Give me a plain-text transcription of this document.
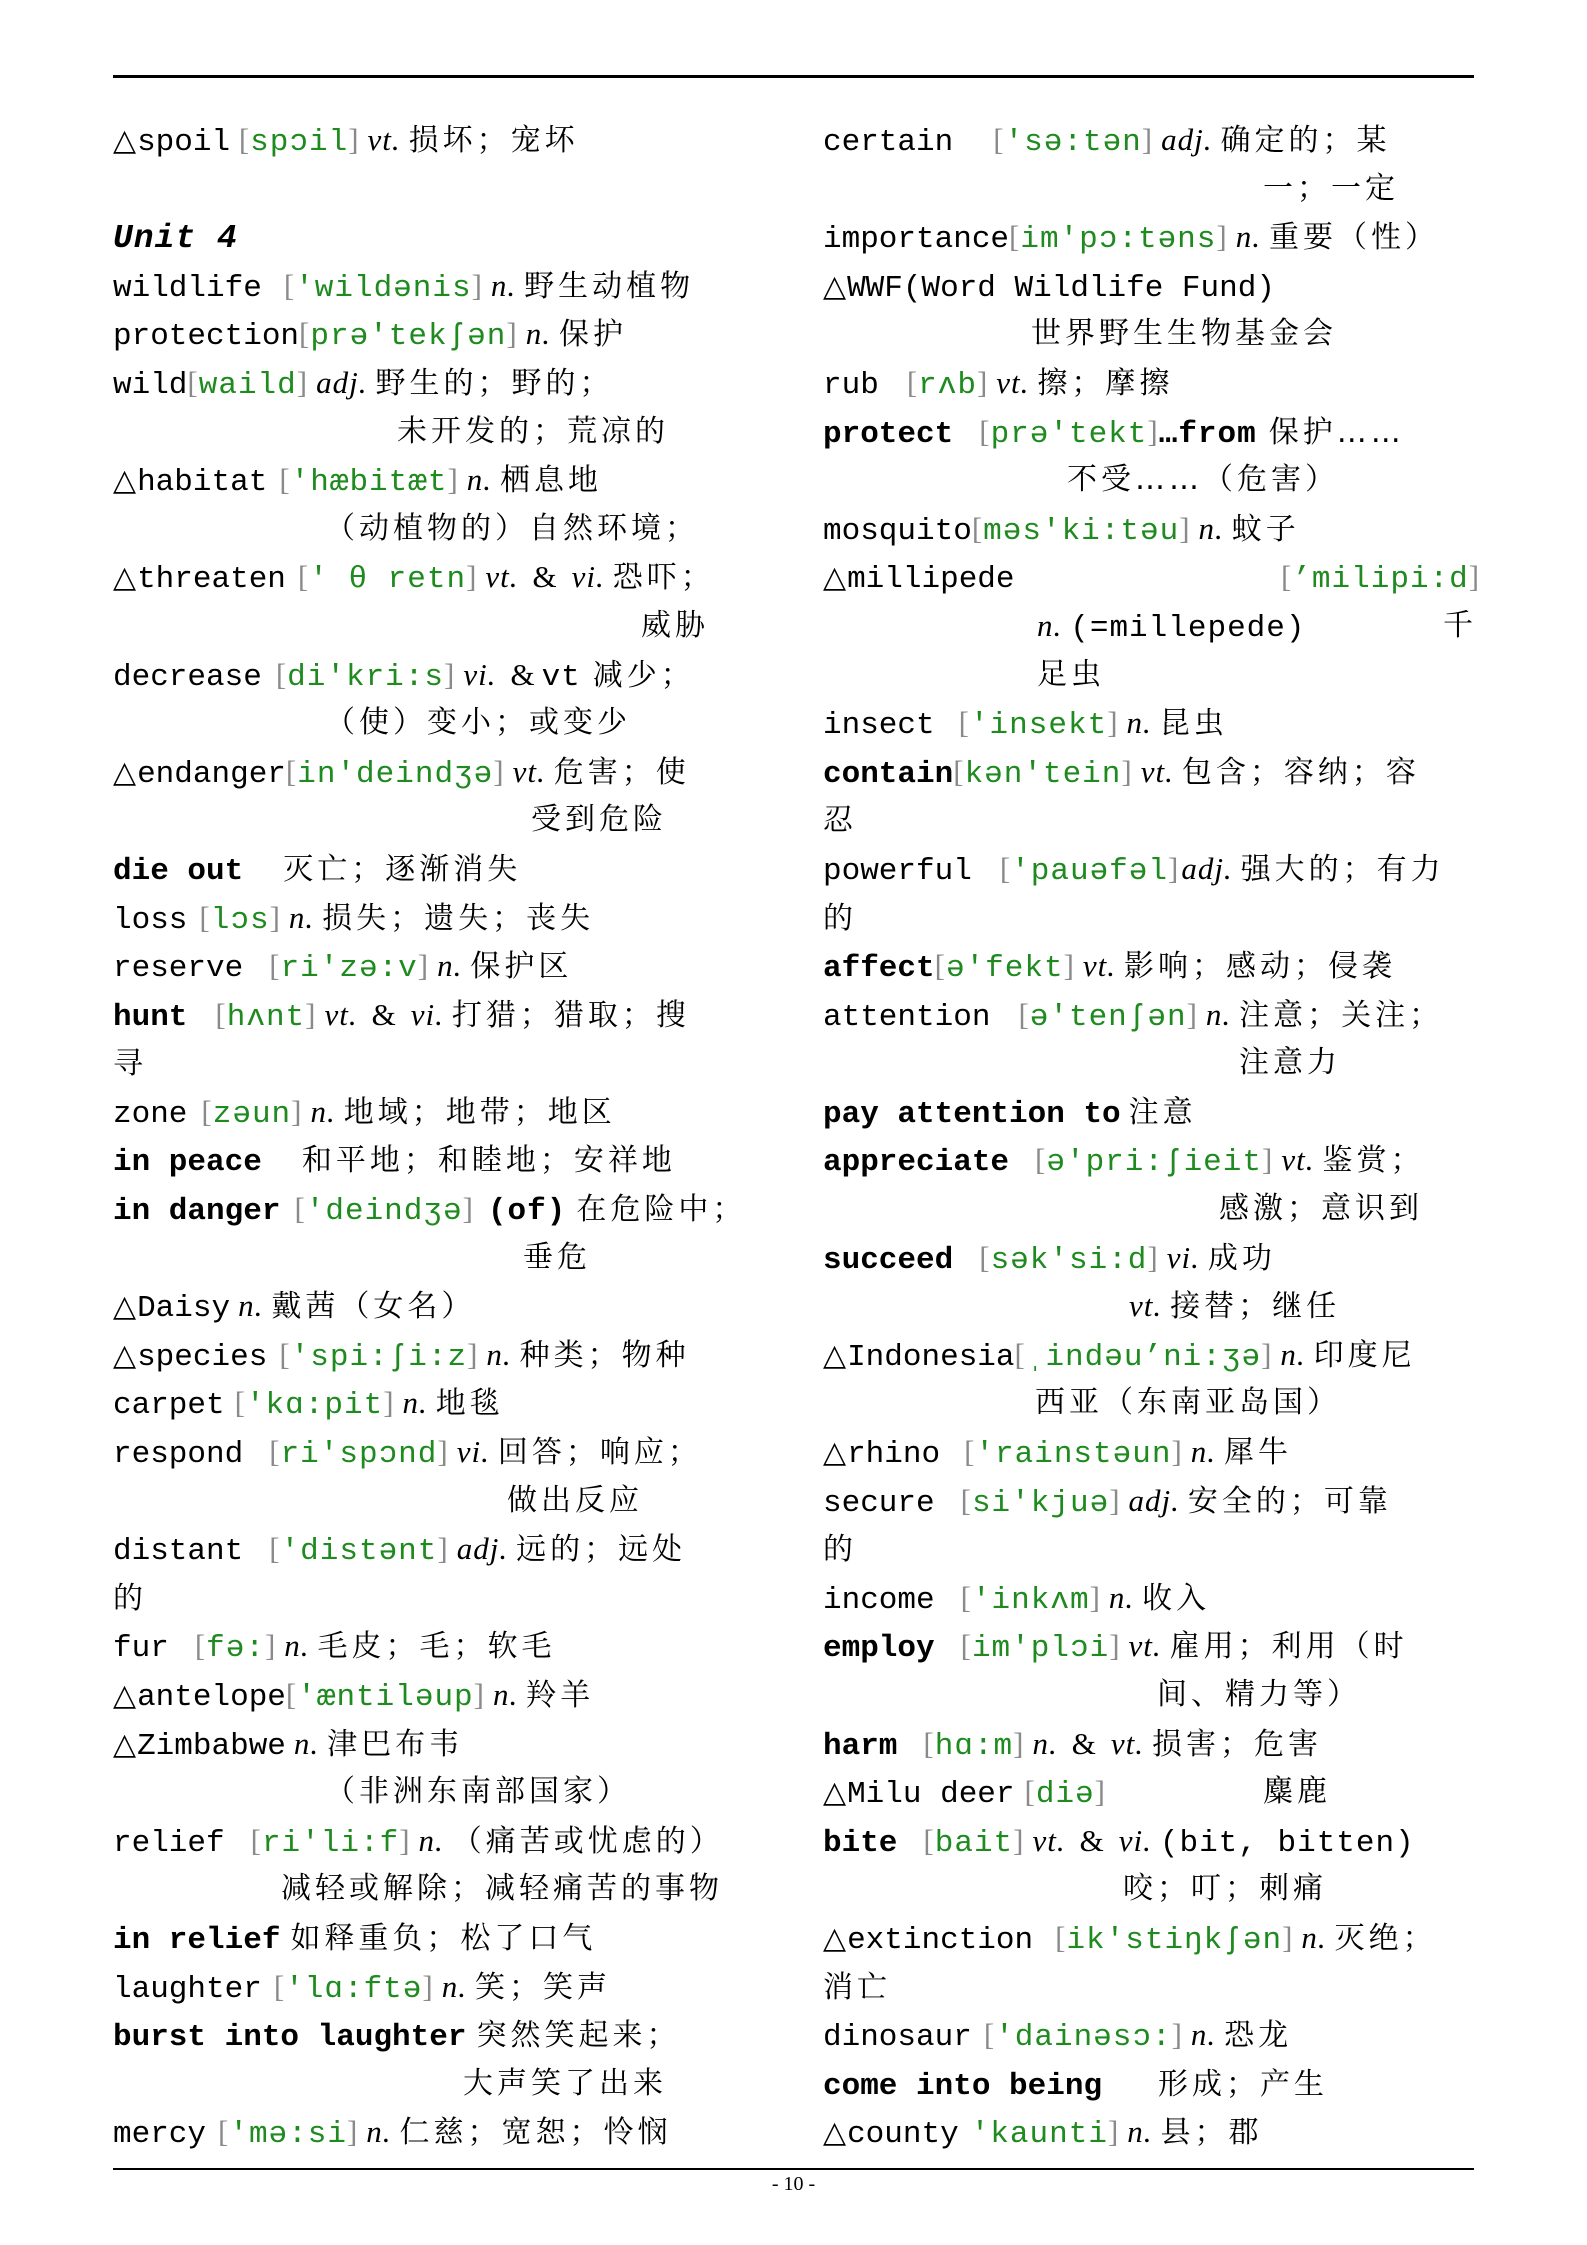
△spoil [spɔil] vt. 损坏；宠坏
Unit 4
wildlife ['wildənis] n. 野生动植物
protection[prə'tekʃən] n. 保护
wild[waild] adj. 野生的；野的；
未开发的；荒凉的
△habitat ['hæbitæt] n. 栖息地
（动植物的）自然环境；
△threaten [' θ retn] vt. & vi. 恐吓；
威胁
decrease [di'kri:s] vi. & vt 减少；
（使）变小；或变少
△endanger[in'deindʒə] vt. 危害；使
受到危险
die out 灭亡；逐渐消失
loss [lɔs] n. 损失；遗失；丧失
reserve [ri'zə:v] n. 保护区
hunt [hʌnt] vt. & vi. 打猎；猎取；搜
寻
zone [zəun] n. 地域；地带；地区
in peace 和平地；和睦地；安祥地
in danger ['deindʒə] (of) 在危险中；
垂危
△Daisy n. 戴茜（女名）
△species ['spi:ʃi:z] n. 种类；物种
carpet ['kɑ:pit] n. 地毯
respond [ri'spɔnd] vi. 回答；响应；
做出反应
distant ['distənt] adj. 远的；远处
的
fur [fə:] n. 毛皮；毛；软毛
△antelope['æntiləup] n. 羚羊
△Zimbabwe n. 津巴布韦
（非洲东南部国家）
relief [ri'li:f] n. （痛苦或忧虑的）
减轻或解除；减轻痛苦的事物
in relief 如释重负；松了口气
laughter ['lɑ:ftə] n. 笑；笑声
burst into laughter 突然笑起来；
大声笑了出来
mercy ['mə:si] n. 仁慈；宽恕；怜悯
certain ['sə:tən] adj. 确定的；某
一；一定
importance[im'pɔ:təns] n. 重要（性）
△WWF(Word Wildlife Fund)
世界野生生物基金会
rub [rʌb] vt. 擦；摩擦
protect [prə'tekt]…from 保护……
不受……（危害）
mosquito[məs'ki:təu] n. 蚊子
△millipede	[’milipi:d]
n. (=millepede)	千
足虫
insect ['insekt] n. 昆虫
contain[kən'tein] vt. 包含；容纳；容
忍
powerful ['pauəfəl]adj. 强大的；有力
的
affect[ə'fekt] vt. 影响；感动；侵袭
attention [ə'tenʃən] n. 注意；关注；
注意力
pay attention to 注意
appreciate [ə'pri:ʃieit] vt. 鉴赏；
感激；意识到
succeed [sək'si:d] vi. 成功
vt. 接替；继任
△Indonesia[ˌindəu’ni:ʒə] n. 印度尼
西亚（东南亚岛国）
△rhino ['rainstəun] n. 犀牛
secure [si'kjuə] adj. 安全的；可靠
的
income ['inkʌm] n. 收入
employ [im'plɔi] vt. 雇用；利用（时
间、精力等）
harm [hɑ:m] n. & vt. 损害；危害
△Milu deer [diə]	麋鹿
bite [bait] vt. & vi. (bit, bitten)
咬；叮；刺痛
△extinction [ik'stiŋkʃən] n. 灭绝；
消亡
dinosaur ['dainəsɔ:] n. 恐龙
come into being 形成；产生
△county 'kaunti] n. 县；郡
- 10 -
